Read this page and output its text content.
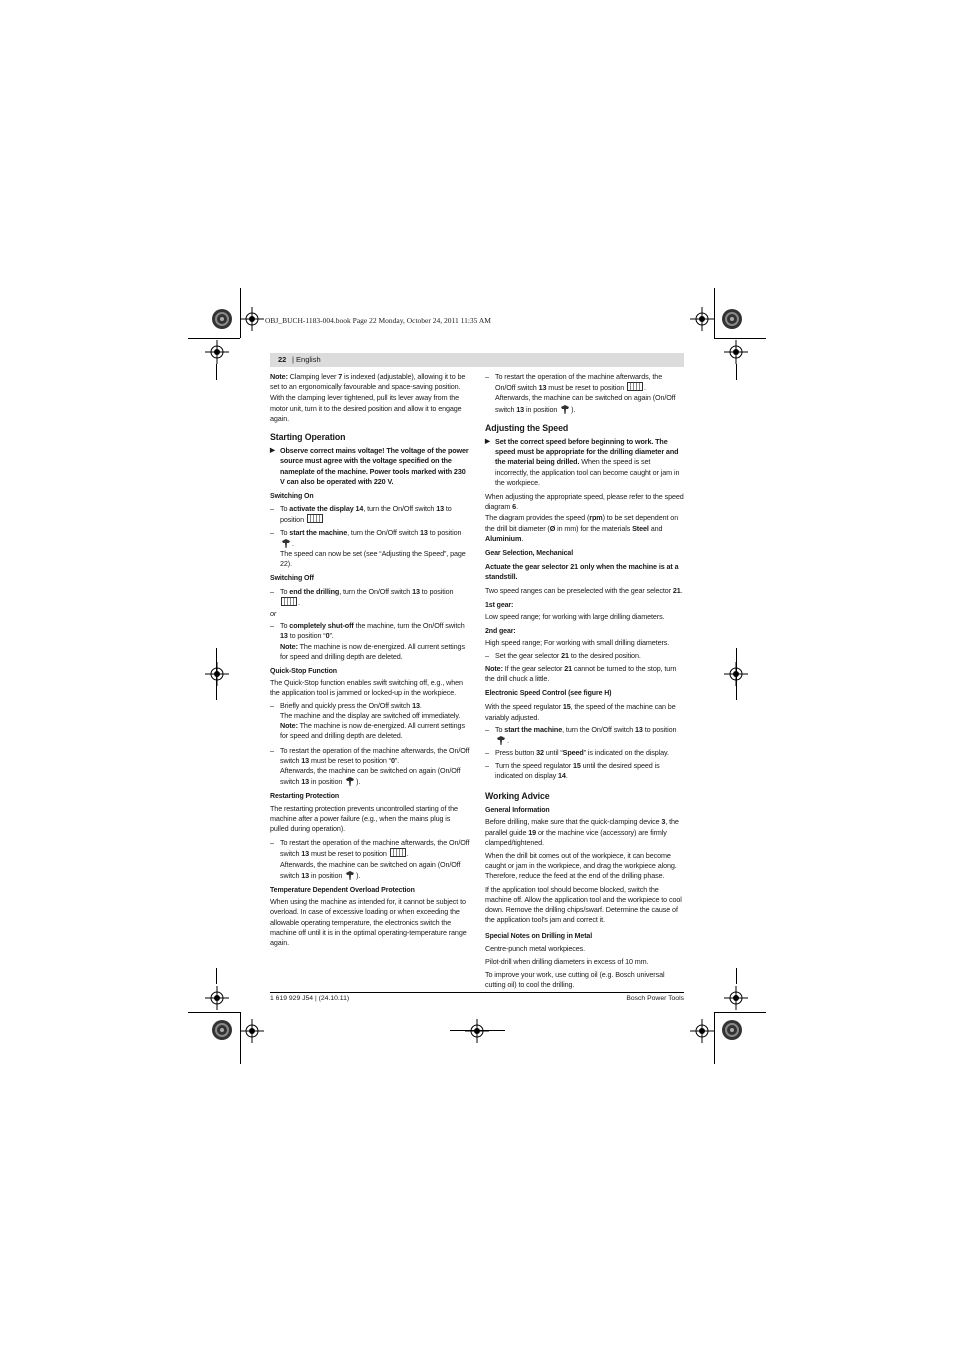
OBJ_BUCH-1183-004.book Page 22 Monday, October 24, 2011 11:35 AM
22 | English

Note: Clamping lever 7 is indexed (adjustable), allowing it to be set to an ergonomically favourable and space-saving position.

With the clamping lever tightened, pull its lever away from the motor unit, turn it to the desired position and allow it to engage again.

Starting Operation
▶ Observe correct mains voltage! The voltage of the power source must agree with the voltage specified on the nameplate of the machine. Power tools marked with 230 V can also be operated with 220 V.
Switching On
– To activate the display 14, turn the On/Off switch 13 to position
– To start the machine, turn the On/Off switch 13 to position .
The speed can now be set (see “Adjusting the Speed”, page 22).
Switching Off
– To end the drilling, turn the On/Off switch 13 to position .

or

– To completely shut-off the machine, turn the On/Off switch 13 to position “0”.
Note: The machine is now de-energized. All current settings for speed and drilling depth are deleted.
Quick-Stop Function

The Quick-Stop function enables swift switching off, e.g., when the application tool is jammed or locked-up in the workpiece.

– Briefly and quickly press the On/Off switch 13.
The machine and the display are switched off immediately.
Note: The machine is now de-energized. All current settings for speed and drilling depth are deleted.
– To restart the operation of the machine afterwards, the On/Off switch 13 must be reset to position “0”.
Afterwards, the machine can be switched on again (On/Off switch 13 in position ).
Restarting Protection

The restarting protection prevents uncontrolled starting of the machine after a power failure (e.g., when the mains plug is pulled during operation).

– To restart the operation of the machine afterwards, the On/Off switch 13 must be reset to position	.
Afterwards, the machine can be switched on again (On/Off switch 13 in position ).
Temperature Dependent Overload Protection

When using the machine as intended for, it cannot be subject to overload. In case of excessive loading or when exceeding the allowable operating temperature, the electronics switch the machine off until it is in the optimal operating-temperature range again.

– To restart the operation of the machine afterwards, the On/Off switch 13 must be reset to position	.
Afterwards, the machine can be switched on again (On/Off switch 13 in position ).
Adjusting the Speed
▶ Set the correct speed before beginning to work. The speed must be appropriate for the drilling diameter and the material being drilled. When the speed is set incorrectly, the application tool can become caught or jam in the workpiece.

When adjusting the appropriate speed, please refer to the speed diagram 6.

The diagram provides the speed (rpm) to be set dependent on the drill bit diameter (Ø in mm) for the materials Steel and Aluminium.

Gear Selection, Mechanical

Actuate the gear selector 21 only when the machine is at a standstill.

Two speed ranges can be preselected with the gear selector 21.

1st gear:

Low speed range; for working with large drilling diameters.

2nd gear:

High speed range; For working with small drilling diameters.

– Set the gear selector 21 to the desired position.

Note: If the gear selector 21 cannot be turned to the stop, turn the drill chuck a little.

Electronic Speed Control (see figure H)

With the speed regulator 15, the speed of the machine can be variably adjusted.

– To start the machine, turn the On/Off switch 13 to position .
– Press button 32 until “Speed” is indicated on the display.
– Turn the speed regulator 15 until the desired speed is indicated on display 14.
Working Advice
General Information

Before drilling, make sure that the quick-clamping device 3, the parallel guide 19 or the machine vice (accessory) are firmly clamped/tightened.

When the drill bit comes out of the workpiece, it can become caught or jam in the workpiece, and drag the workpiece along. Therefore, reduce the feed at the end of the drilling phase.

If the application tool should become blocked, switch the machine off. Allow the application tool and the workpiece to cool down. Remove the drilling chips/swarf. Determine the cause of the application tool’s jam and correct it.

Special Notes on Drilling in Metal

Centre-punch metal workpieces.

Pilot-drill when drilling diameters in excess of 10 mm.

To improve your work, use cutting oil (e.g. Bosch universal cutting oil) to cool the drilling.

1 619 929 J54 | (24.10.11)	Bosch Power Tools
